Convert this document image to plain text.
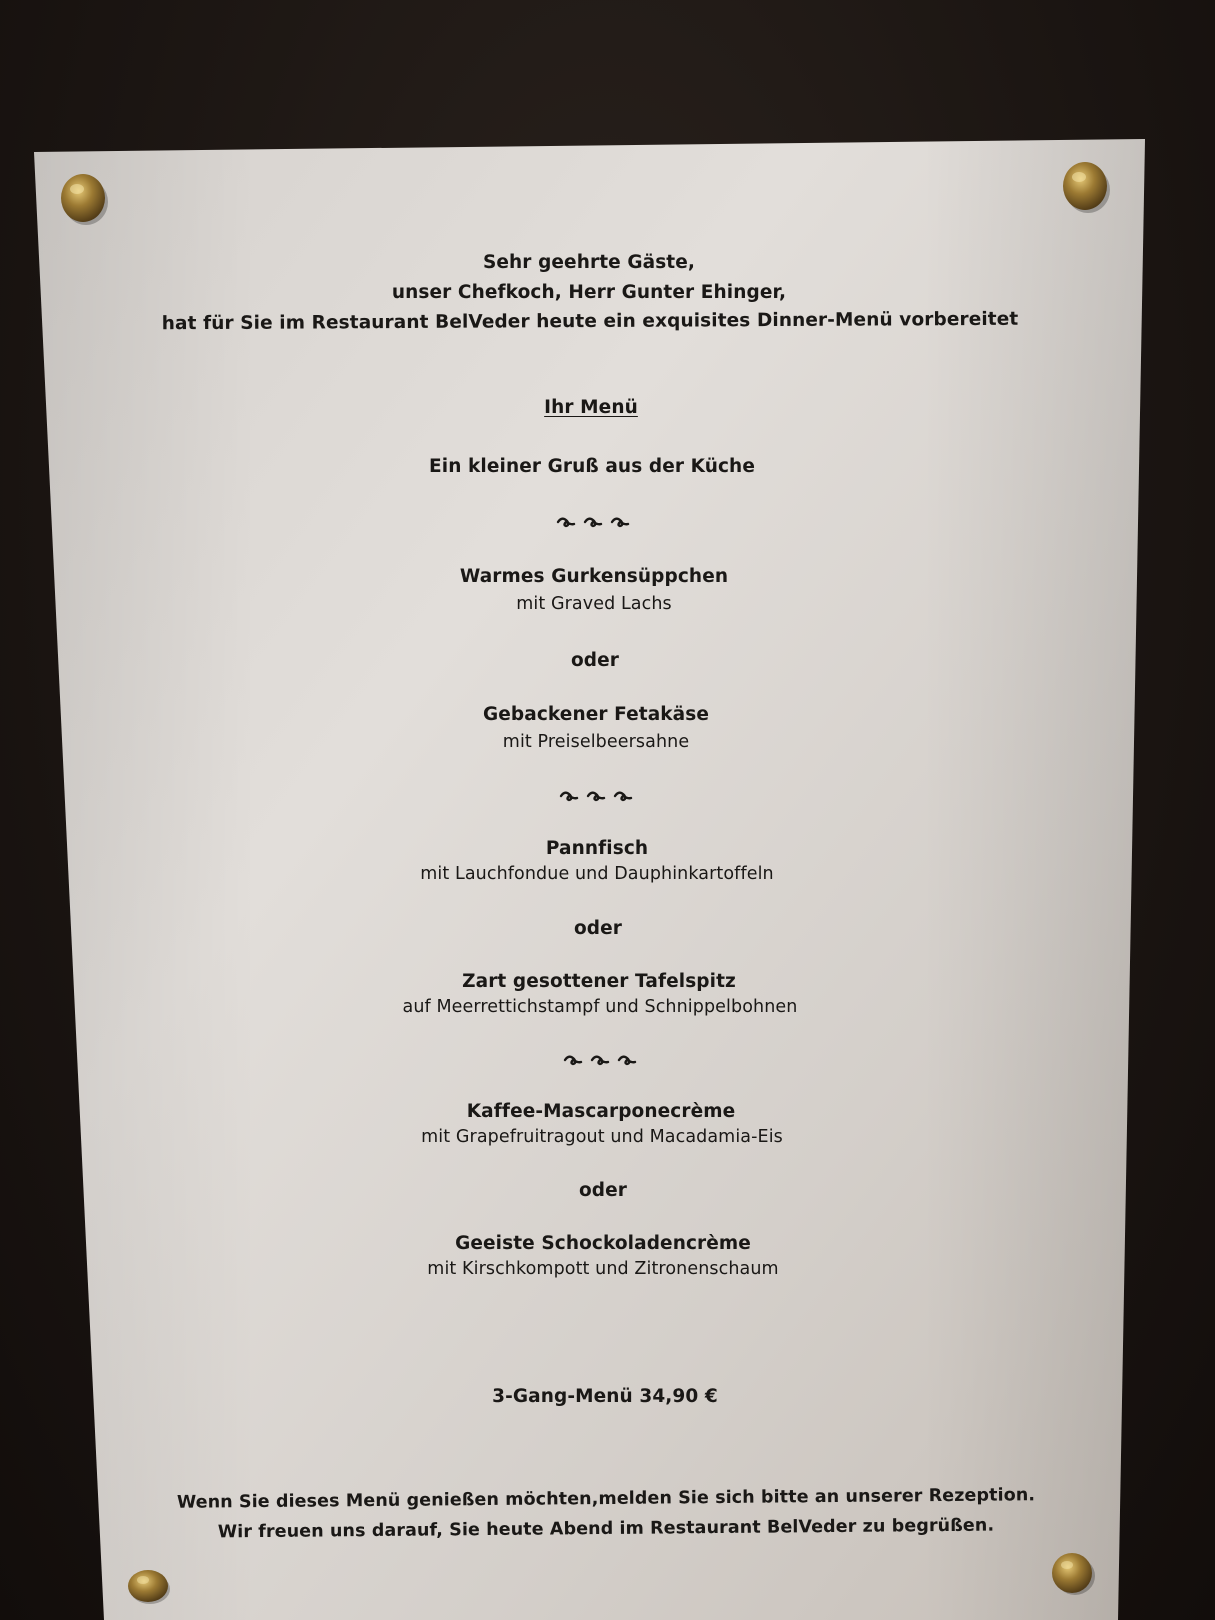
Sehr geehrte Gäste,
unser Chefkoch, Herr Gunter Ehinger,
hat für Sie im Restaurant BelVeder heute ein exquisites Dinner-Menü vorbereitet
Ihr Menü
Ein kleiner Gruß aus der Küche
Warmes Gurkensüppchen
mit Graved Lachs
oder
Gebackener Fetakäse
mit Preiselbeersahne
Pannfisch
mit Lauchfondue und Dauphinkartoffeln
oder
Zart gesottener Tafelspitz
auf Meerrettichstampf und Schnippelbohnen
Kaffee-Mascarponecrème
mit Grapefruitragout und Macadamia-Eis
oder
Geeiste Schockoladencrème
mit Kirschkompott und Zitronenschaum
3-Gang-Menü 34,90 €
Wenn Sie dieses Menü genießen möchten,melden Sie sich bitte an unserer Rezeption.
Wir freuen uns darauf, Sie heute Abend im Restaurant BelVeder zu begrüßen.
